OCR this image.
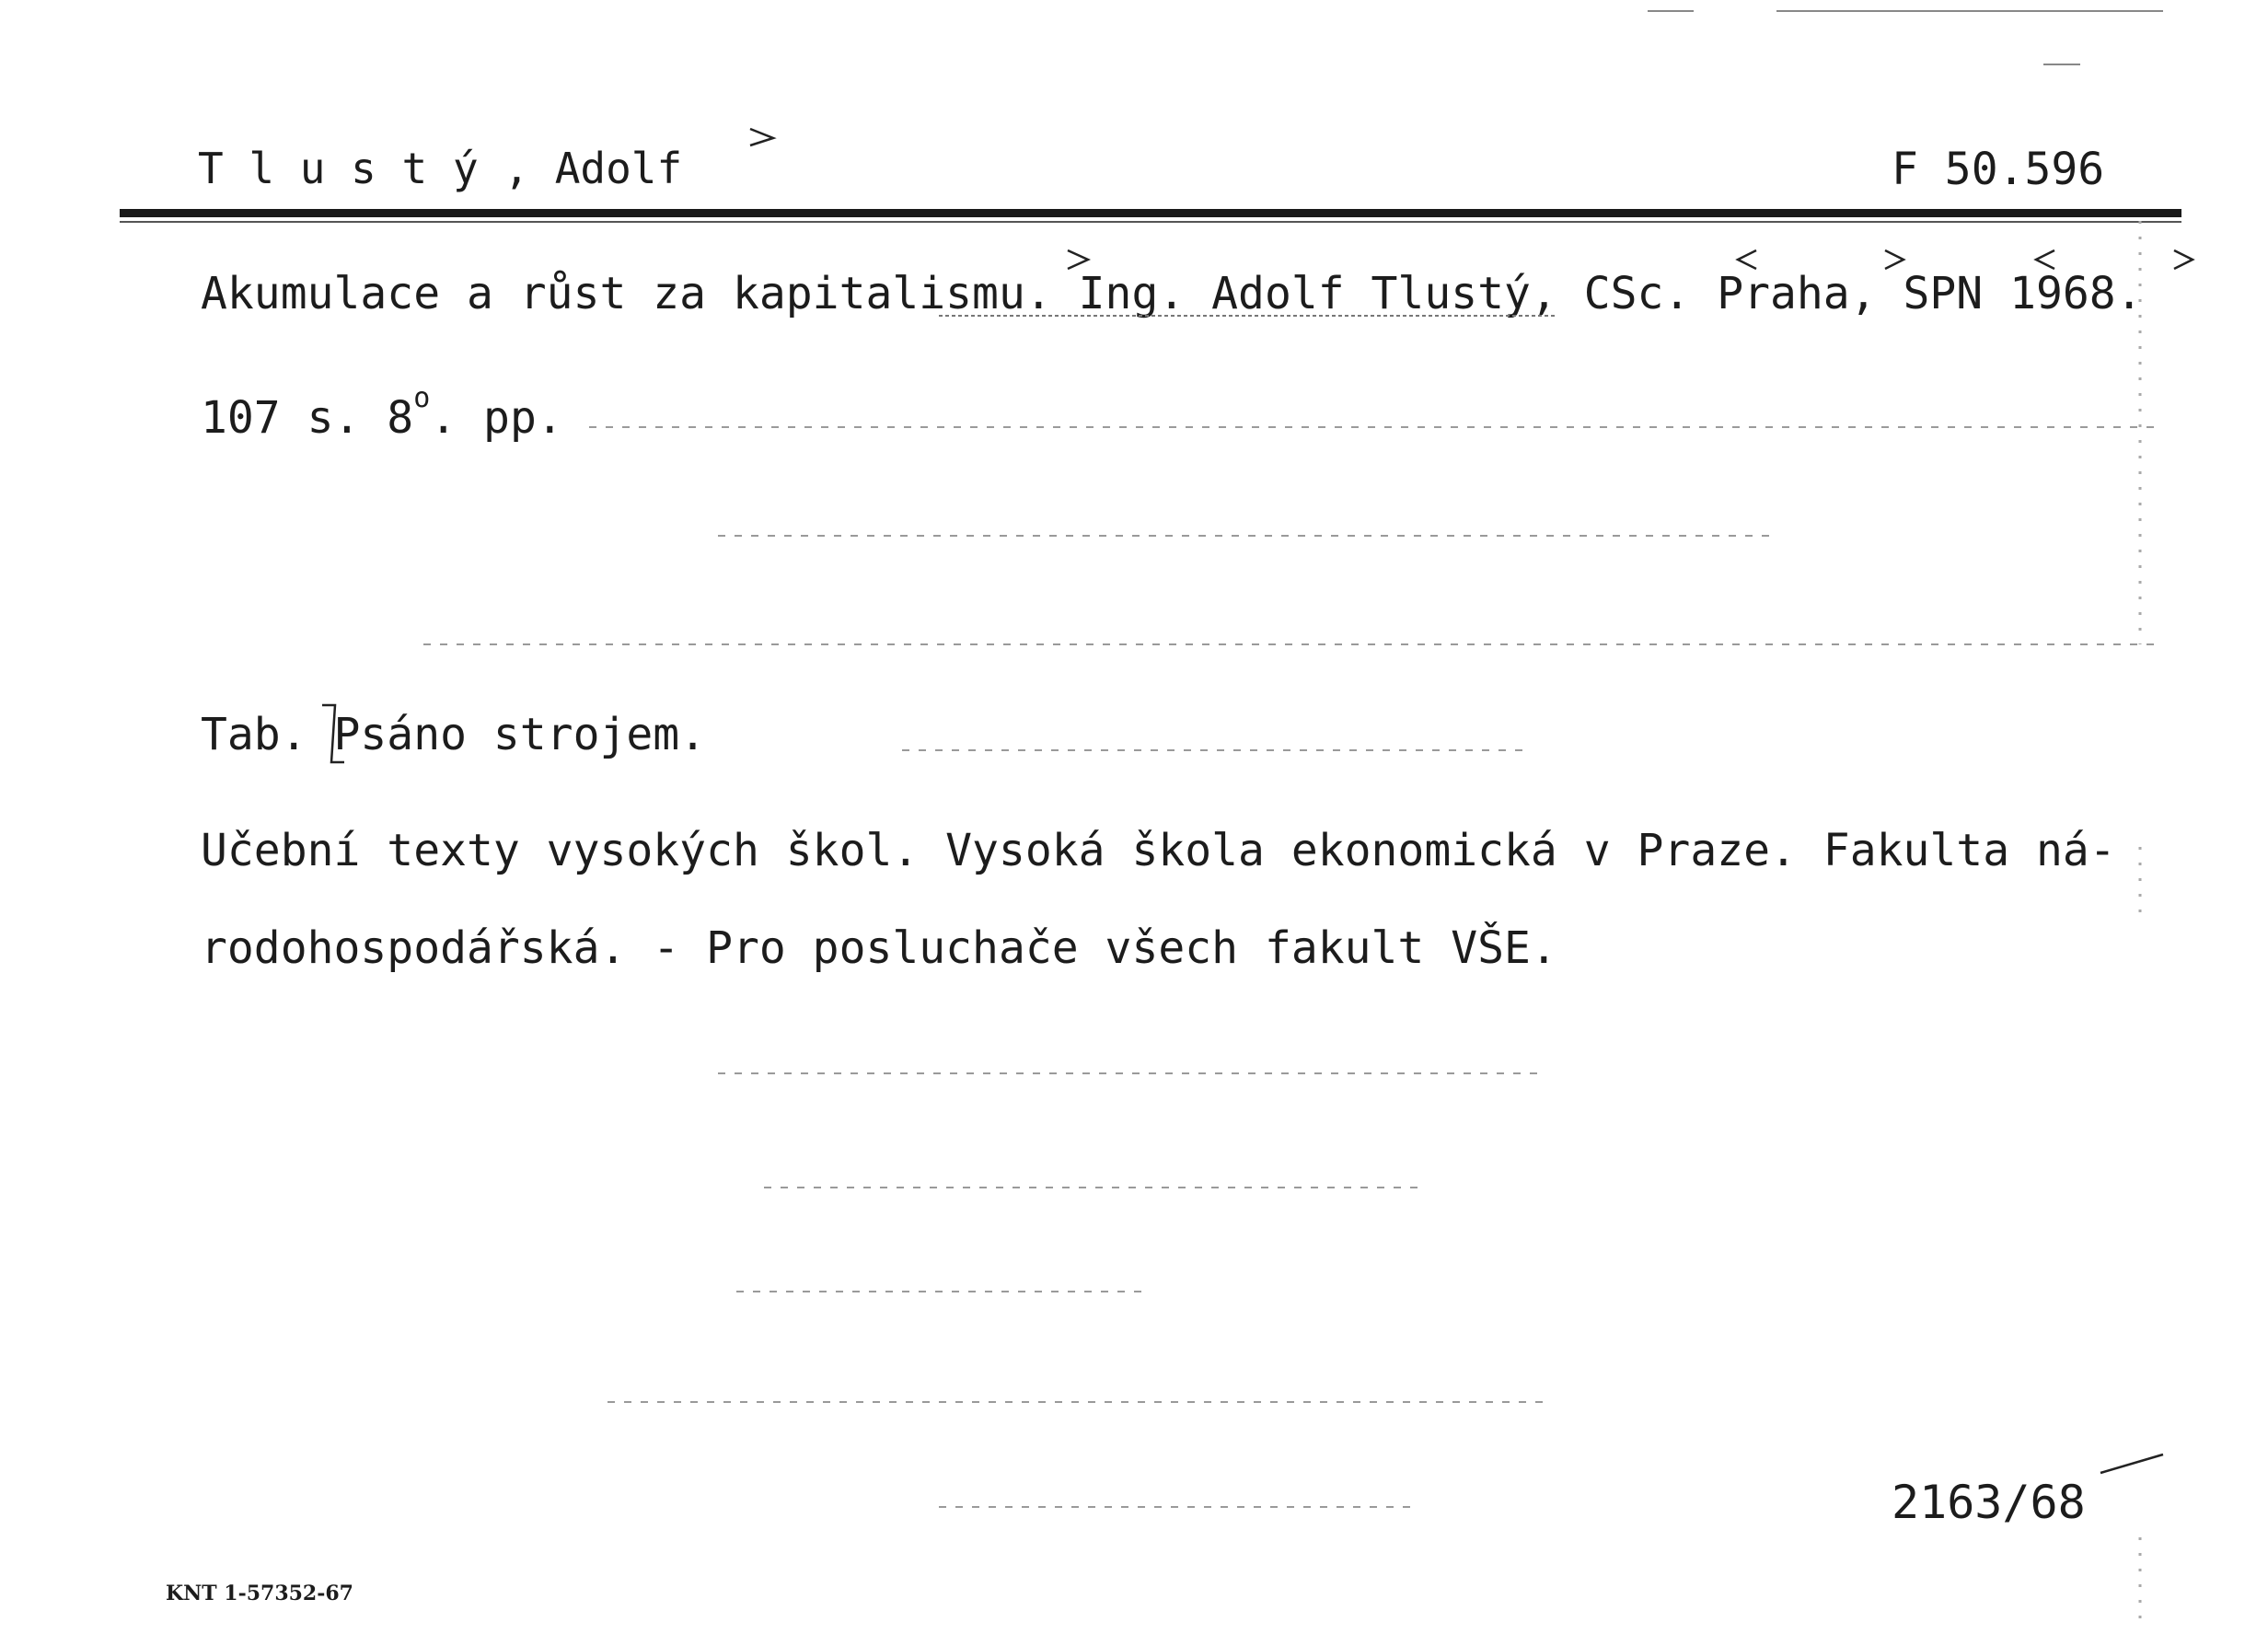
T l u s t ý , Adolf	F 50.596
Akumulace a růst za kapitalismu. Ing. Adolf Tlustý, CSc. Praha, SPN 1968.
107 s. 8$^o$. pp.
Tab. Psáno strojem.
Učební texty vysokých škol. Vysoká škola ekonomická v Praze. Fakulta ná-
rodohospodářská. - Pro posluchače všech fakult VŠE.
2163/68
KNT 1-57352-67
